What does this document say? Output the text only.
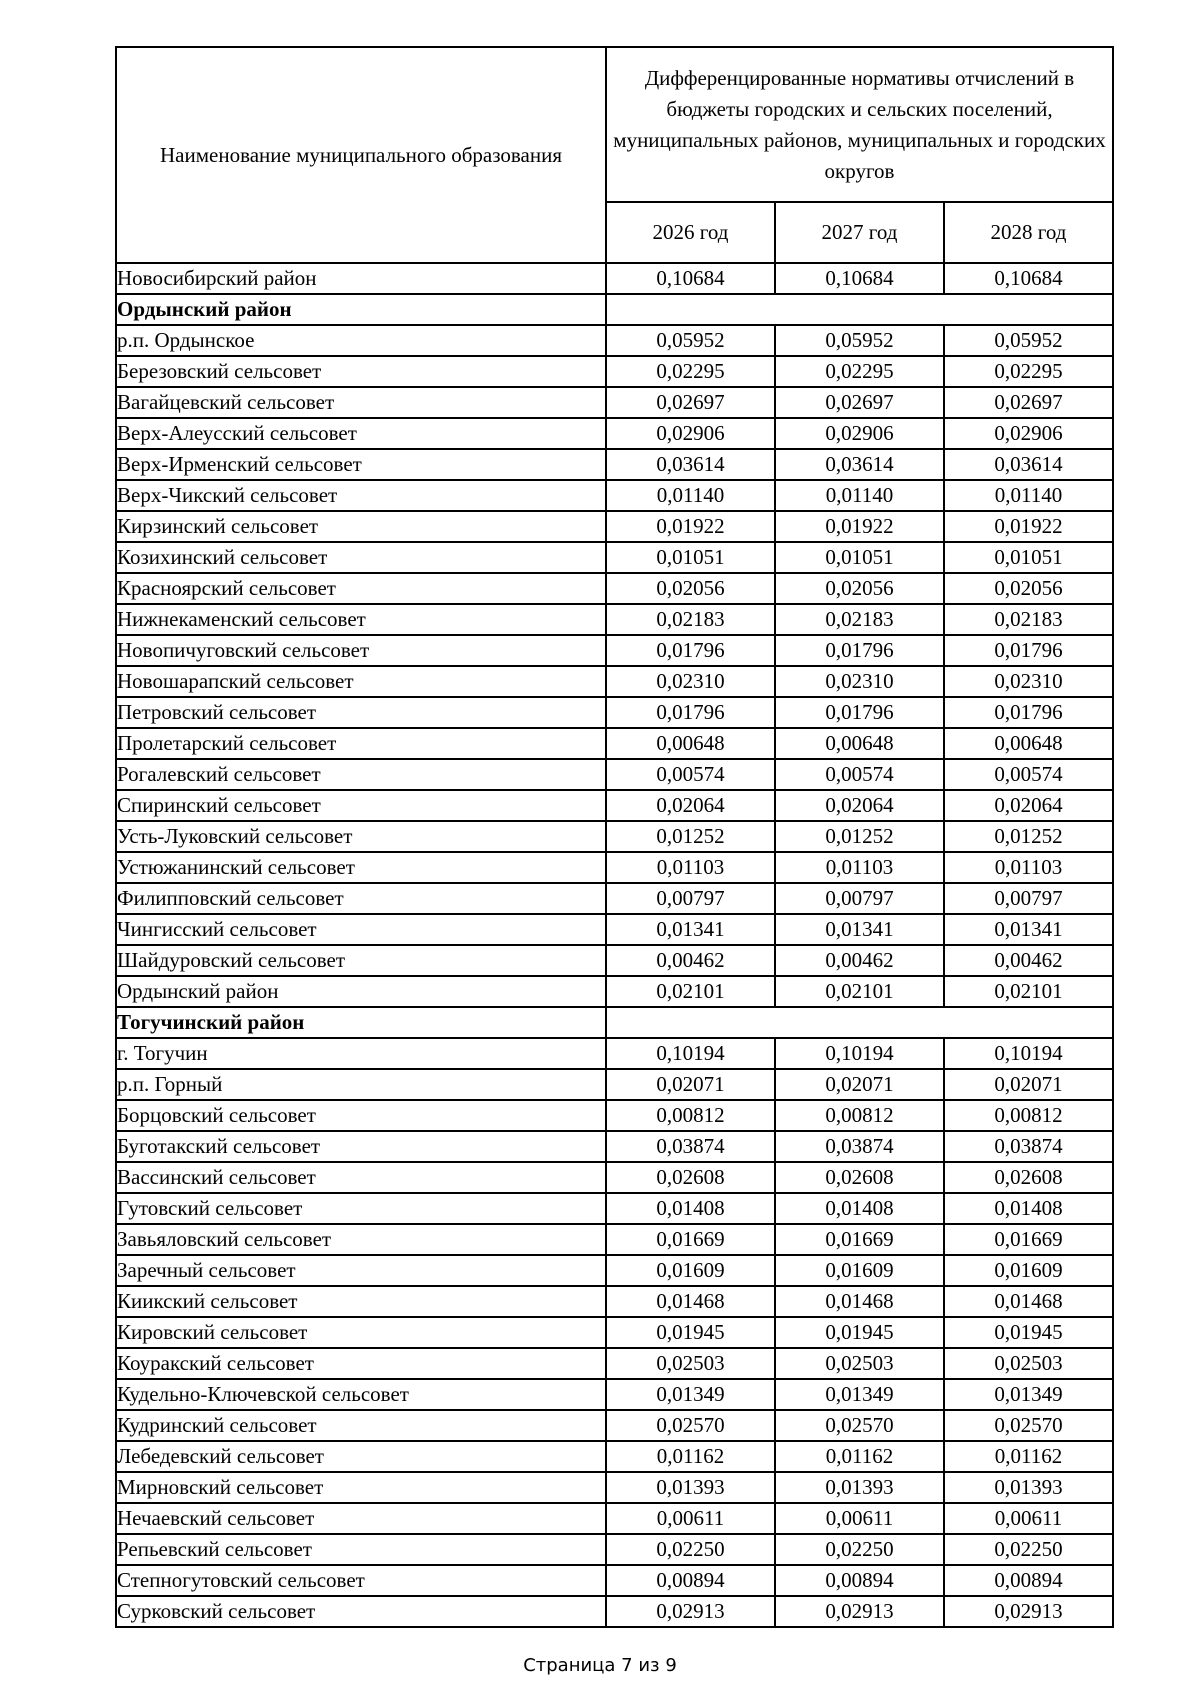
Наименование муниципального образования	Дифференцированные нормативы отчислений в бюджеты городских и сельских поселений, муниципальных районов, муниципальных и городских округов		
	2026 год	2027 год	2028 год
Новосибирский район	0,10684	0,10684	0,10684
Ордынский район			
р.п. Ордынское	0,05952	0,05952	0,05952
Березовский сельсовет	0,02295	0,02295	0,02295
Вагайцевский сельсовет	0,02697	0,02697	0,02697
Верх-Алеусский сельсовет	0,02906	0,02906	0,02906
Верх-Ирменский сельсовет	0,03614	0,03614	0,03614
Верх-Чикский сельсовет	0,01140	0,01140	0,01140
Кирзинский сельсовет	0,01922	0,01922	0,01922
Козихинский сельсовет	0,01051	0,01051	0,01051
Красноярский сельсовет	0,02056	0,02056	0,02056
Нижнекаменский сельсовет	0,02183	0,02183	0,02183
Новопичуговский сельсовет	0,01796	0,01796	0,01796
Новошарапский сельсовет	0,02310	0,02310	0,02310
Петровский сельсовет	0,01796	0,01796	0,01796
Пролетарский сельсовет	0,00648	0,00648	0,00648
Рогалевский сельсовет	0,00574	0,00574	0,00574
Спиринский сельсовет	0,02064	0,02064	0,02064
Усть-Луковский сельсовет	0,01252	0,01252	0,01252
Устюжанинский сельсовет	0,01103	0,01103	0,01103
Филипповский сельсовет	0,00797	0,00797	0,00797
Чингисский сельсовет	0,01341	0,01341	0,01341
Шайдуровский сельсовет	0,00462	0,00462	0,00462
Ордынский район	0,02101	0,02101	0,02101
Тогучинский район			
г. Тогучин	0,10194	0,10194	0,10194
р.п. Горный	0,02071	0,02071	0,02071
Борцовский сельсовет	0,00812	0,00812	0,00812
Буготакский сельсовет	0,03874	0,03874	0,03874
Вассинский сельсовет	0,02608	0,02608	0,02608
Гутовский сельсовет	0,01408	0,01408	0,01408
Завьяловский сельсовет	0,01669	0,01669	0,01669
Заречный сельсовет	0,01609	0,01609	0,01609
Киикский сельсовет	0,01468	0,01468	0,01468
Кировский сельсовет	0,01945	0,01945	0,01945
Коуракский сельсовет	0,02503	0,02503	0,02503
Кудельно-Ключевской сельсовет	0,01349	0,01349	0,01349
Кудринский сельсовет	0,02570	0,02570	0,02570
Лебедевский сельсовет	0,01162	0,01162	0,01162
Мирновский сельсовет	0,01393	0,01393	0,01393
Нечаевский сельсовет	0,00611	0,00611	0,00611
Репьевский сельсовет	0,02250	0,02250	0,02250
Степногутовский сельсовет	0,00894	0,00894	0,00894
Сурковский сельсовет	0,02913	0,02913	0,02913
Страница 7 из 9
